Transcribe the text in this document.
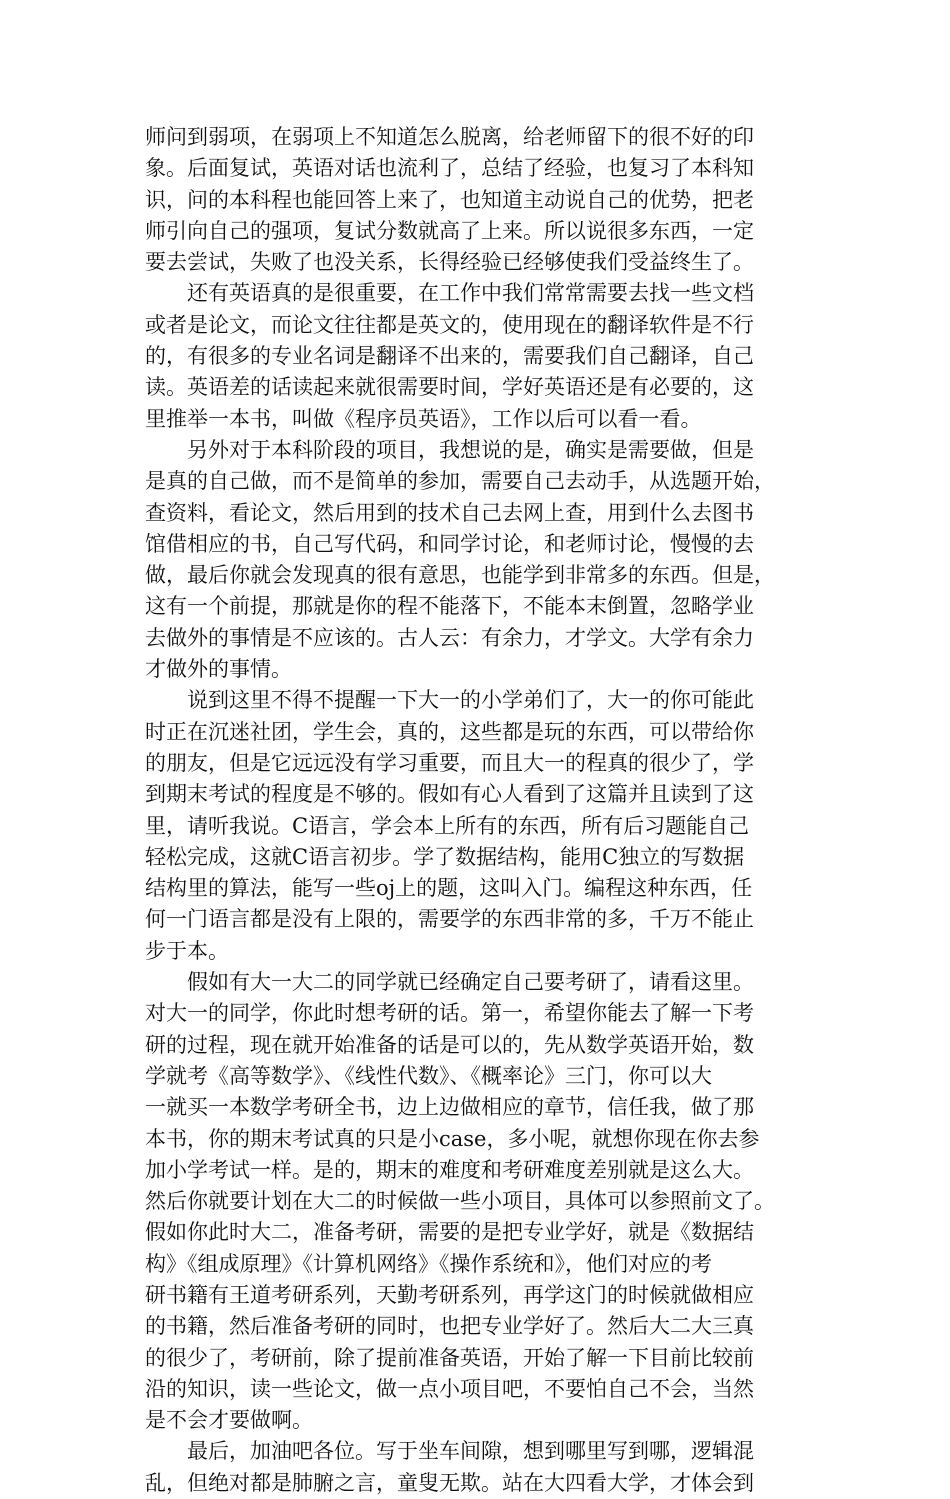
师问到弱项，在弱项上不知道怎么脱离，给老师留下的很不好的印
象。后面复试，英语对话也流利了，总结了经验，也复习了本科知
识，问的本科程也能回答上来了，也知道主动说自己的优势，把老
师引向自己的强项，复试分数就高了上来。所以说很多东西，一定
要去尝试，失败了也没关系，长得经验已经够使我们受益终生了。

还有英语真的是很重要，在工作中我们常常需要去找一些文档
或者是论文，而论文往往都是英文的，使用现在的翻译软件是不行
的，有很多的专业名词是翻译不出来的，需要我们自己翻译，自己
读。英语差的话读起来就很需要时间，学好英语还是有必要的，这
里推举一本书，叫做《程序员英语》，工作以后可以看一看。

另外对于本科阶段的项目，我想说的是，确实是需要做，但是
是真的自己做，而不是简单的参加，需要自己去动手，从选题开始，
查资料，看论文，然后用到的技术自己去网上查，用到什么去图书
馆借相应的书，自己写代码，和同学讨论，和老师讨论，慢慢的去
做，最后你就会发现真的很有意思，也能学到非常多的东西。但是，
这有一个前提，那就是你的程不能落下，不能本末倒置，忽略学业
去做外的事情是不应该的。古人云：有余力，才学文。大学有余力
才做外的事情。

说到这里不得不提醒一下大一的小学弟们了，大一的你可能此
时正在沉迷社团，学生会，真的，这些都是玩的东西，可以带给你
的朋友，但是它远远没有学习重要，而且大一的程真的很少了，学
到期末考试的程度是不够的。假如有心人看到了这篇并且读到了这
里，请听我说。C语言，学会本上所有的东西，所有后习题能自己
轻松完成，这就C语言初步。学了数据结构，能用C独立的写数据
结构里的算法，能写一些oj上的题，这叫入门。编程这种东西，任
何一门语言都是没有上限的，需要学的东西非常的多，千万不能止
步于本。

假如有大一大二的同学就已经确定自己要考研了，请看这里。
对大一的同学，你此时想考研的话。第一，希望你能去了解一下考
研的过程，现在就开始准备的话是可以的，先从数学英语开始，数
学就考《高等数学》、《线性代数》、《概率论》三门，你可以大
一就买一本数学考研全书，边上边做相应的章节，信任我，做了那
本书，你的期末考试真的只是小case，多小呢，就想你现在你去参
加小学考试一样。是的，期末的难度和考研难度差别就是这么大。
然后你就要计划在大二的时候做一些小项目，具体可以参照前文了。
假如你此时大二，准备考研，需要的是把专业学好，就是《数据结
构》《组成原理》《计算机网络》《操作系统和》，他们对应的考
研书籍有王道考研系列，天勤考研系列，再学这门的时候就做相应
的书籍，然后准备考研的同时，也把专业学好了。然后大二大三真
的很少了，考研前，除了提前准备英语，开始了解一下目前比较前
沿的知识，读一些论文，做一点小项目吧，不要怕自己不会，当然
是不会才要做啊。

最后，加油吧各位。写于坐车间隙，想到哪里写到哪，逻辑混
乱，但绝对都是肺腑之言，童叟无欺。站在大四看大学，才体会到
